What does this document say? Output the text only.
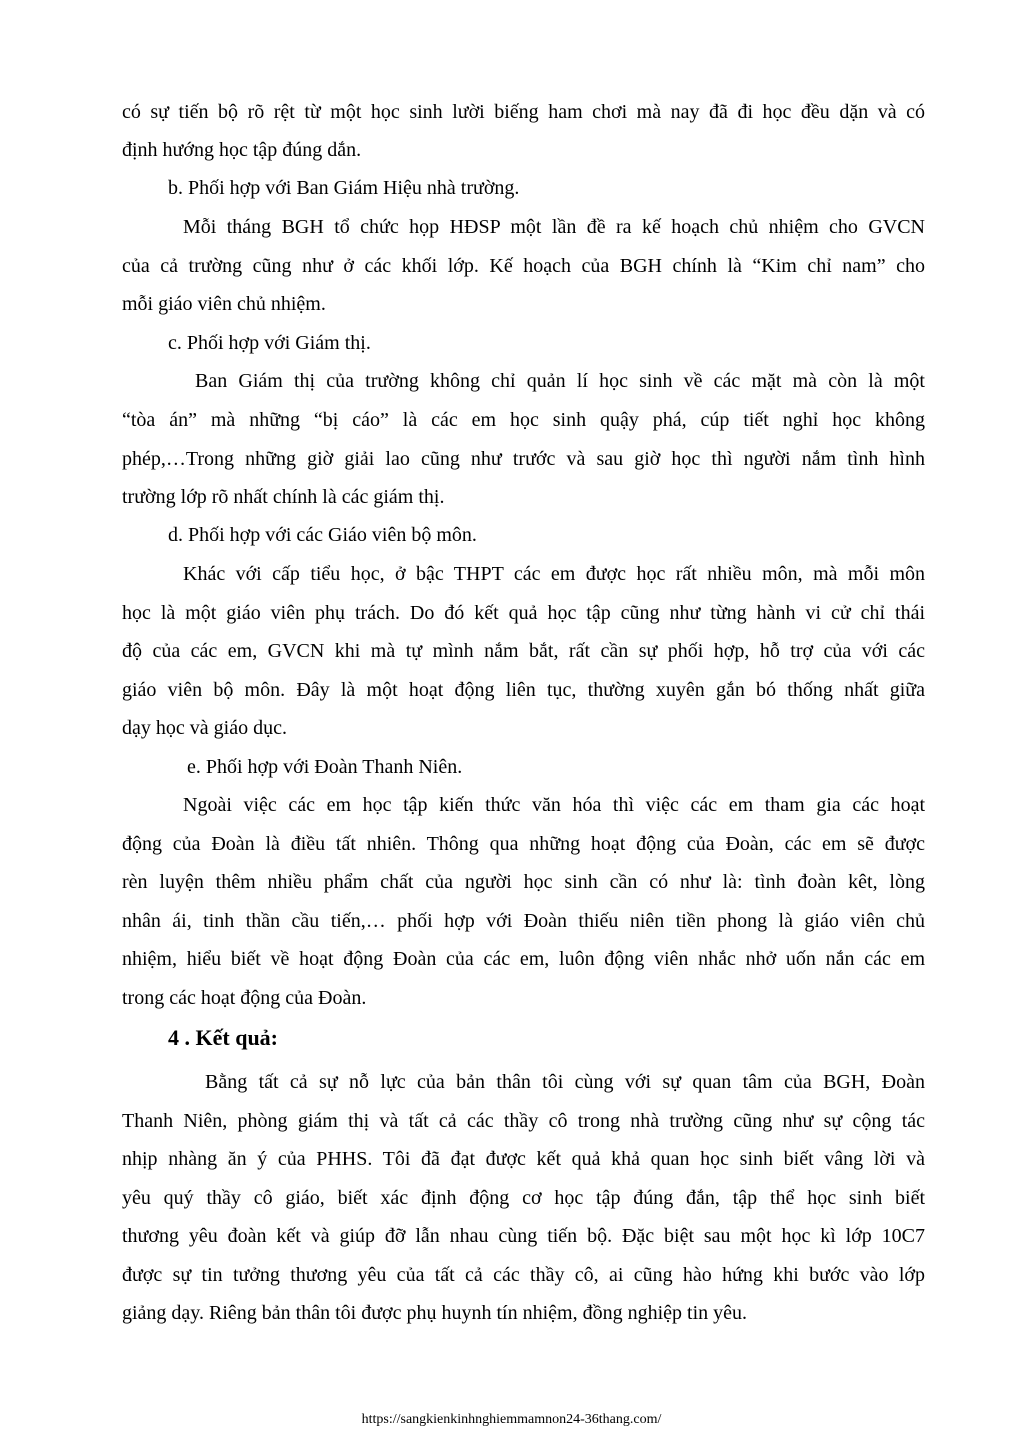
có sự tiến bộ rõ rệt từ một học sinh lười biếng ham chơi mà nay đã đi học đều dặn và có
định hướng học tập đúng dắn.
b. Phối hợp với Ban Giám Hiệu nhà trường.
Mỗi tháng BGH tổ chức họp HĐSP một lần đề ra kế hoạch chủ nhiệm cho GVCN
của cả trường cũng như ở các khối lớp. Kế hoạch của BGH chính là “Kim chỉ nam” cho
mỗi giáo viên chủ nhiệm.
c. Phối hợp với Giám thị.
Ban Giám thị của trường không chỉ quản lí học sinh về các mặt mà còn là một
“tòa án” mà những “bị cáo” là các em học sinh quậy phá, cúp tiết nghỉ học không
phép,…Trong những giờ giải lao cũng như trước và sau giờ học thì người nắm tình hình
trường lớp rõ nhất chính là các giám thị.
d. Phối hợp với các Giáo viên bộ môn.
Khác với cấp tiểu học, ở bậc THPT các em được học rất nhiều môn, mà mỗi môn
học là một giáo viên phụ trách. Do đó kết quả học tập cũng như từng hành vi cử chỉ thái
độ của các em, GVCN khi mà tự mình nắm bắt, rất cần sự phối hợp, hỗ trợ của với các
giáo viên bộ môn. Đây là một hoạt động liên tục, thường xuyên gắn bó thống nhất giữa
dạy học và giáo dục.
e. Phối hợp với Đoàn Thanh Niên.
Ngoài việc các em học tập kiến thức văn hóa thì việc các em tham gia các hoạt
động của Đoàn là điều tất nhiên. Thông qua những hoạt động của Đoàn, các em sẽ được
rèn luyện thêm nhiều phẩm chất của người học sinh cần có như là: tình đoàn kêt, lòng
nhân ái, tinh thần cầu tiến,… phối hợp với Đoàn thiếu niên tiền phong là giáo viên chủ
nhiệm, hiểu biết về hoạt động Đoàn của các em, luôn động viên nhắc nhở uốn nắn các em
trong các hoạt động của Đoàn.
4 . Kết quả:
Bằng tất cả sự nỗ lực của bản thân tôi cùng với sự quan tâm của BGH, Đoàn
Thanh Niên, phòng giám thị và tất cả các thầy cô trong nhà trường cũng như sự cộng tác
nhịp nhàng ăn ý của PHHS. Tôi đã đạt được kết quả khả quan học sinh biết vâng lời và
yêu quý thầy cô giáo, biết xác định động cơ học tập đúng đắn, tập thể học sinh biết
thương yêu đoàn kết và giúp đỡ lẫn nhau cùng tiến bộ. Đặc biệt sau một học kì lớp 10C7
được sự tin tưởng thương yêu của tất cả các thầy cô, ai cũng hào hứng khi bước vào lớp
giảng dạy. Riêng bản thân tôi được phụ huynh tín nhiệm, đồng nghiệp tin yêu.
https://sangkienkinhnghiemmamnon24-36thang.com/
